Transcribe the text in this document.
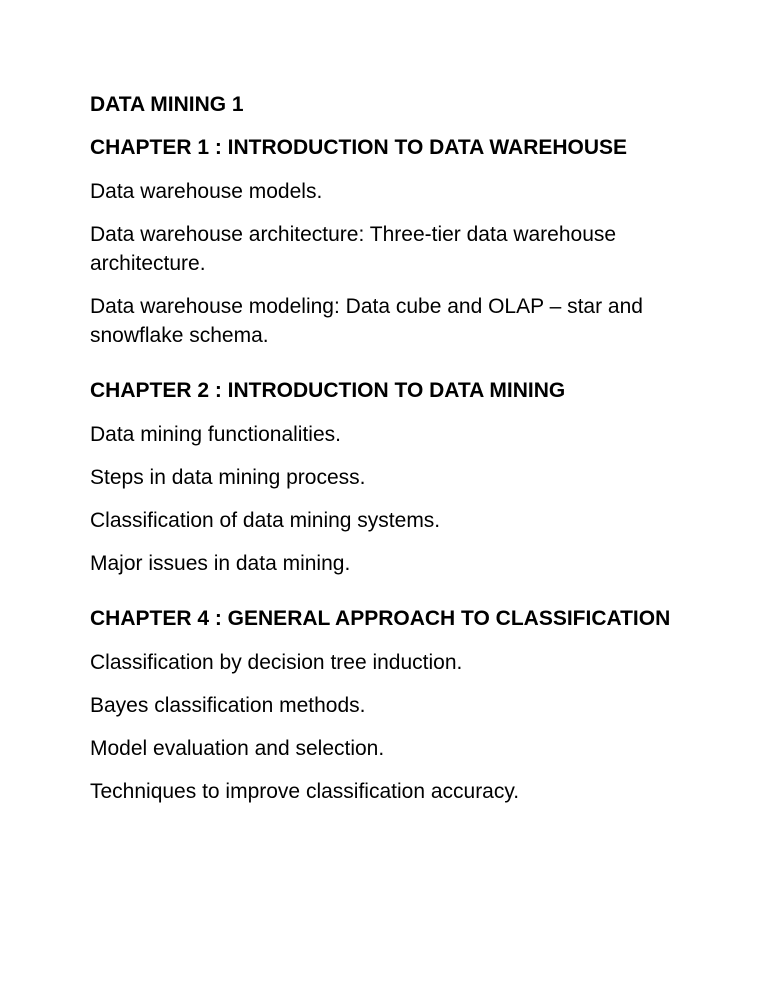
DATA MINING 1
CHAPTER 1 : INTRODUCTION TO DATA WAREHOUSE

Data warehouse models.

Data warehouse architecture: Three-tier data warehouse architecture.

Data warehouse modeling: Data cube and OLAP – star and snowflake schema.

CHAPTER 2 : INTRODUCTION TO DATA MINING

Data mining functionalities.

Steps in data mining process.

Classification of data mining systems.

Major issues in data mining.

CHAPTER 4 : GENERAL APPROACH TO CLASSIFICATION

Classification by decision tree induction.

Bayes classification methods.

Model evaluation and selection.

Techniques to improve classification accuracy.
